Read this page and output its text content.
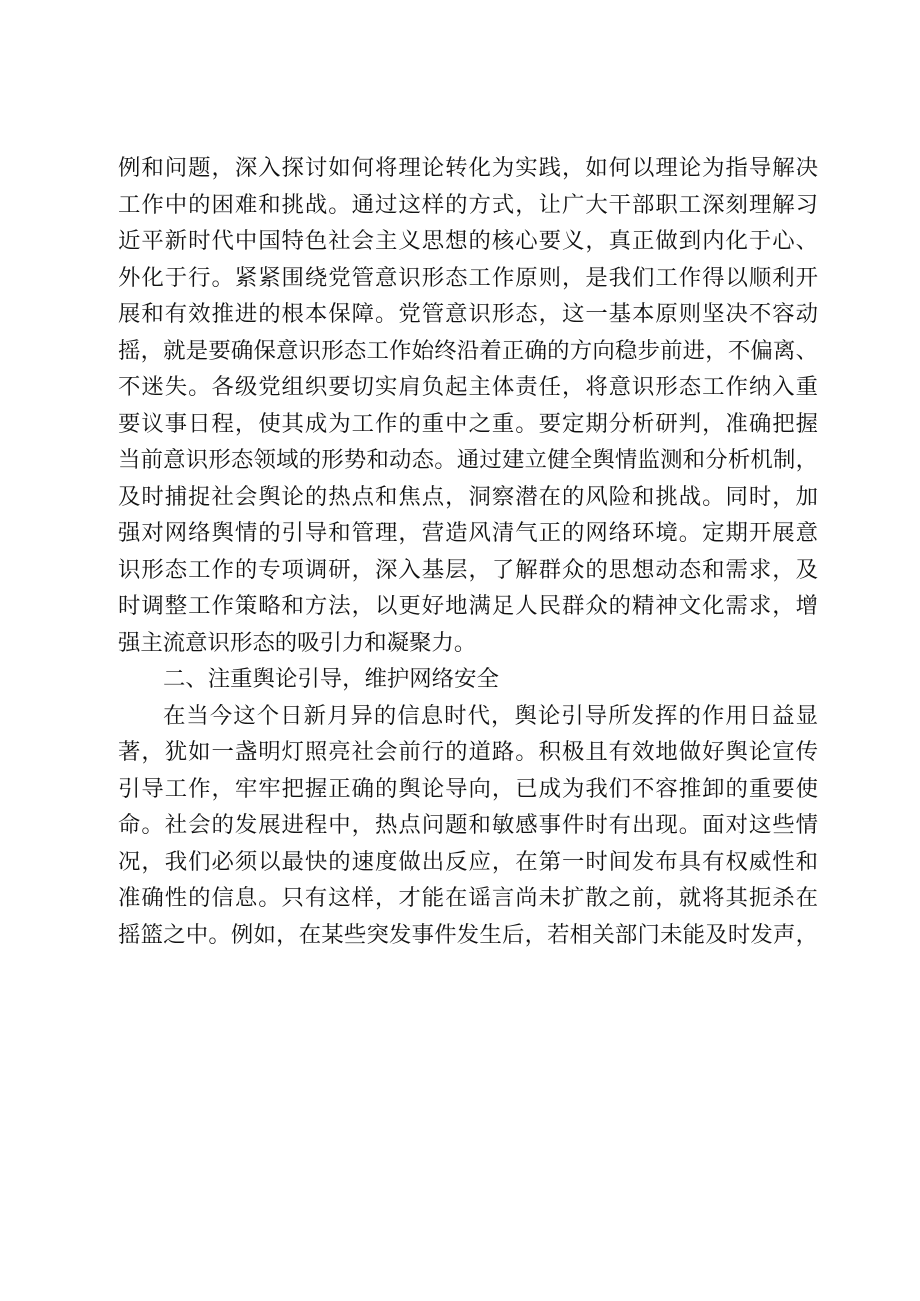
例和问题，深入探讨如何将理论转化为实践，如何以理论为指导解决
工作中的困难和挑战。通过这样的方式，让广大干部职工深刻理解习
近平新时代中国特色社会主义思想的核心要义，真正做到内化于心、
外化于行。紧紧围绕党管意识形态工作原则，是我们工作得以顺利开
展和有效推进的根本保障。党管意识形态，这一基本原则坚决不容动
摇，就是要确保意识形态工作始终沿着正确的方向稳步前进，不偏离、
不迷失。各级党组织要切实肩负起主体责任，将意识形态工作纳入重
要议事日程，使其成为工作的重中之重。要定期分析研判，准确把握
当前意识形态领域的形势和动态。通过建立健全舆情监测和分析机制，
及时捕捉社会舆论的热点和焦点，洞察潜在的风险和挑战。同时，加
强对网络舆情的引导和管理，营造风清气正的网络环境。定期开展意
识形态工作的专项调研，深入基层，了解群众的思想动态和需求，及
时调整工作策略和方法，以更好地满足人民群众的精神文化需求，增
强主流意识形态的吸引力和凝聚力。
二、注重舆论引导，维护网络安全
在当今这个日新月异的信息时代，舆论引导所发挥的作用日益显
著，犹如一盏明灯照亮社会前行的道路。积极且有效地做好舆论宣传
引导工作，牢牢把握正确的舆论导向，已成为我们不容推卸的重要使
命。社会的发展进程中，热点问题和敏感事件时有出现。面对这些情
况，我们必须以最快的速度做出反应，在第一时间发布具有权威性和
准确性的信息。只有这样，才能在谣言尚未扩散之前，就将其扼杀在
摇篮之中。例如，在某些突发事件发生后，若相关部门未能及时发声，
